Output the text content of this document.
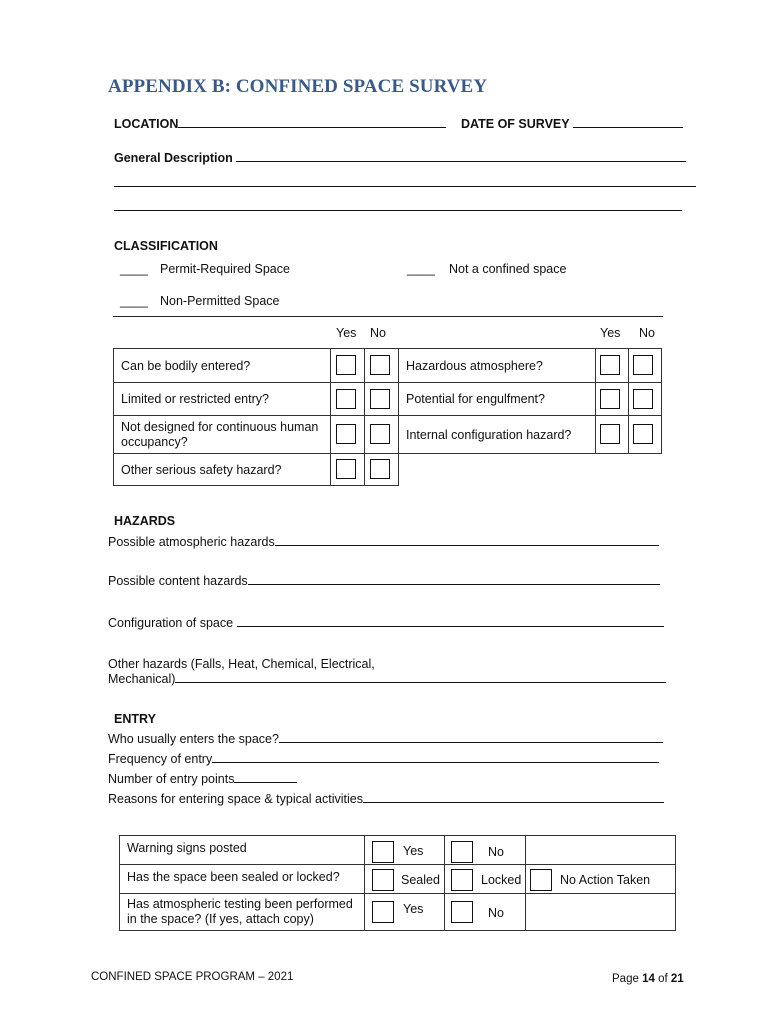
APPENDIX B: CONFINED SPACE SURVEY
LOCATION	DATE OF SURVEY
General Description
CLASSIFICATION
____ Permit-Required Space	____ Not a confined space
____ Non-Permitted Space
Yes No	Yes No
Can be bodily entered?			Hazardous atmosphere?	

Limited or restricted entry?			Potential for engulfment?	

Not designed for continuous human occupancy?			Internal configuration hazard?	

Other serious safety hazard?	

HAZARDS
Possible atmospheric hazards
Possible content hazards
Configuration of space
Other hazards (Falls, Heat, Chemical, Electrical,
Mechanical)
ENTRY
Who usually enters the space?
Frequency of entry
Number of entry points
Reasons for entering space & typical activities
Warning signs posted	Yes	No	

Has the space been sealed or locked?	Sealed	Locked	No Action Taken

Has atmospheric testing been performed
in the space? (If yes, attach copy)	Yes	No	

CONFINED SPACE PROGRAM – 2021	Page 14 of 21
